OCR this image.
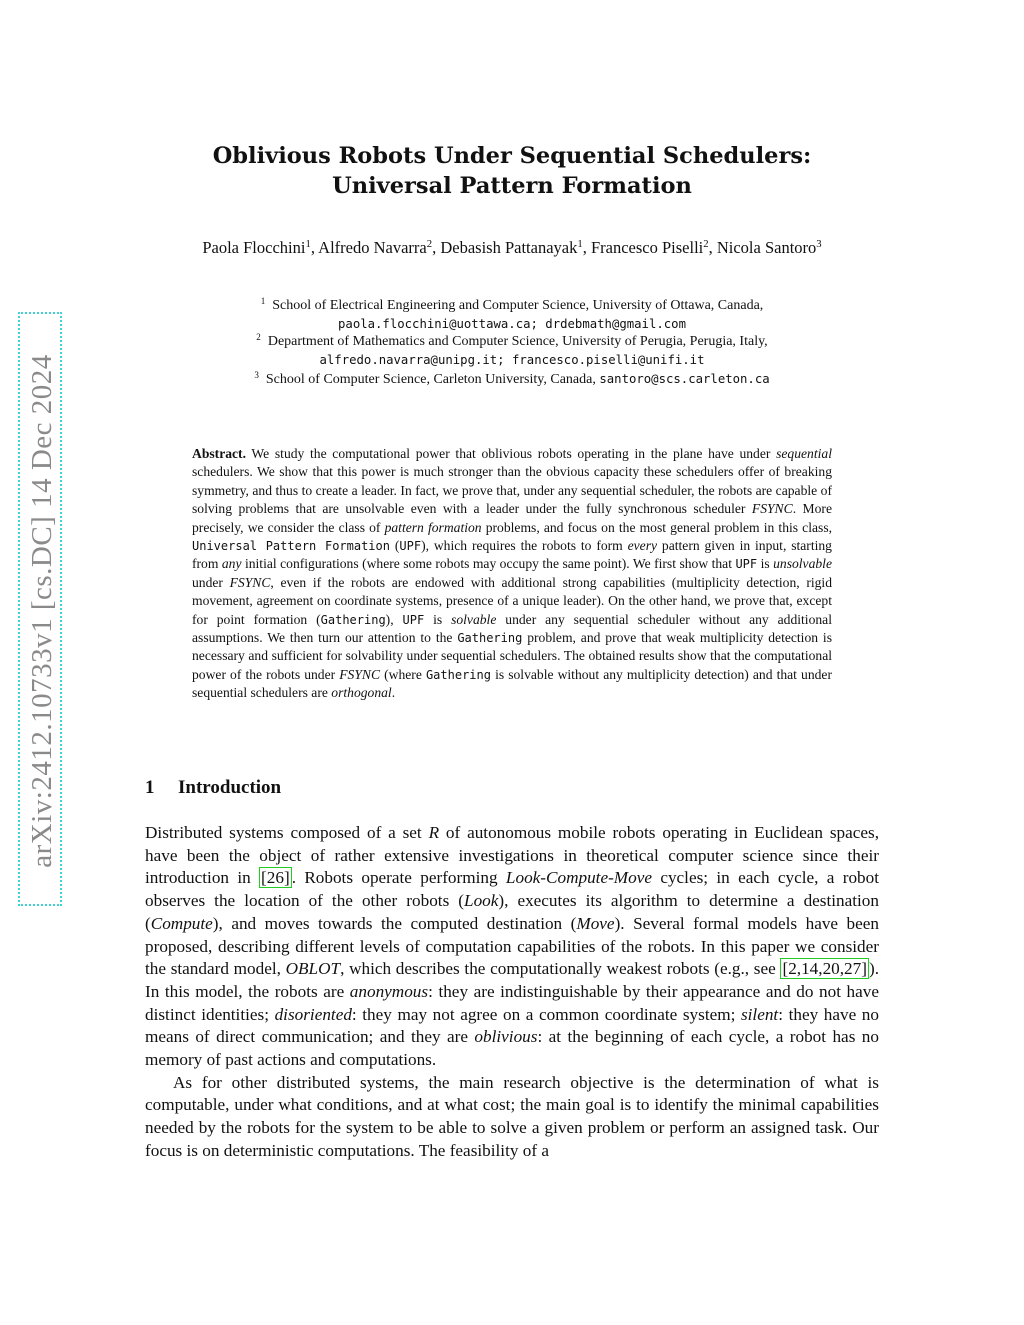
arXiv:2412.10733v1 [cs.DC] 14 Dec 2024
Oblivious Robots Under Sequential Schedulers:
Universal Pattern Formation
Paola Flocchini$^1$, Alfredo Navarra$^2$, Debasish Pattanayak$^1$, Francesco Piselli$^2$, Nicola Santoro$^3$
$^1$ School of Electrical Engineering and Computer Science, University of Ottawa, Canada,
paola.flocchini@uottawa.ca; drdebmath@gmail.com
$^2$ Department of Mathematics and Computer Science, University of Perugia, Perugia, Italy,
alfredo.navarra@unipg.it; francesco.piselli@unifi.it
$^3$ School of Computer Science, Carleton University, Canada, santoro@scs.carleton.ca
Abstract. We study the computational power that oblivious robots operating in the plane have under sequential schedulers. We show that this power is much stronger than the obvious capacity these schedulers offer of breaking symmetry, and thus to create a leader. In fact, we prove that, under any sequential scheduler, the robots are capable of solving problems that are unsolvable even with a leader under the fully synchronous scheduler FSYNC. More precisely, we consider the class of pattern formation problems, and focus on the most general problem in this class, Universal Pattern Formation (UPF), which requires the robots to form every pattern given in input, starting from any initial configurations (where some robots may occupy the same point). We first show that UPF is unsolvable under FSYNC, even if the robots are endowed with additional strong capabilities (multiplicity detection, rigid movement, agreement on coordinate systems, presence of a unique leader). On the other hand, we prove that, except for point formation (Gathering), UPF is solvable under any sequential scheduler without any additional assumptions. We then turn our attention to the Gathering problem, and prove that weak multiplicity detection is necessary and sufficient for solvability under sequential schedulers. The obtained results show that the computational power of the robots under FSYNC (where Gathering is solvable without any multiplicity detection) and that under sequential schedulers are orthogonal.
1 Introduction

Distributed systems composed of a set R of autonomous mobile robots operating in Euclidean spaces, have been the object of rather extensive investigations in theoretical computer science since their introduction in [26] . Robots operate performing Look-Compute-Move cycles; in each cycle, a robot observes the location of the other robots (Look), executes its algorithm to determine a destination (Compute), and moves towards the computed destination (Move). Several formal models have been proposed, describing different levels of computation capabilities of the robots. In this paper we consider the standard model, OBLOT, which describes the computationally weakest robots (e.g., see [2,14,20,27] ). In this model, the robots are anonymous: they are indistinguishable by their appearance and do not have distinct identities; disoriented: they may not agree on a common coordinate system; silent: they have no means of direct communication; and they are oblivious: at the beginning of each cycle, a robot has no memory of past actions and computations.

As for other distributed systems, the main research objective is the determination of what is computable, under what conditions, and at what cost; the main goal is to identify the minimal capabilities needed by the robots for the system to be able to solve a given problem or perform an assigned task. Our focus is on deterministic computations. The feasibility of a
